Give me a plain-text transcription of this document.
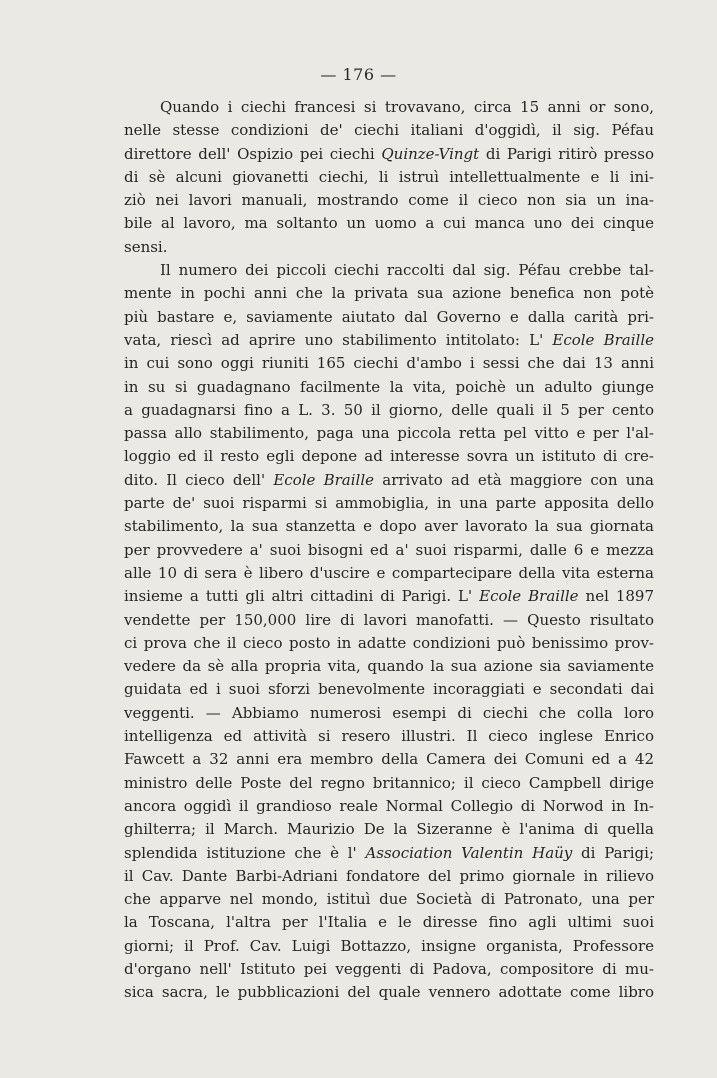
— 176 —
Quando i ciechi francesi si trovavano, circa 15 anni or sono,
nelle stesse condizioni de' ciechi italiani d'oggidì, il sig. Péfau
direttore dell' Ospizio pei ciechi Quinze-Vingt di Parigi ritirò presso
di sè alcuni giovanetti ciechi, li istruì intellettualmente e li ini-
ziò nei lavori manuali, mostrando come il cieco non sia un ina-
bile al lavoro, ma soltanto un uomo a cui manca uno dei cinque
sensi.
Il numero dei piccoli ciechi raccolti dal sig. Péfau crebbe tal-
mente in pochi anni che la privata sua azione benefica non potè
più bastare e, saviamente aiutato dal Governo e dalla carità pri-
vata, riescì ad aprire uno stabilimento intitolato: L' Ecole Braille
in cui sono oggi riuniti 165 ciechi d'ambo i sessi che dai 13 anni
in su si guadagnano facilmente la vita, poichè un adulto giunge
a guadagnarsi fino a L. 3. 50 il giorno, delle quali il 5 per cento
passa allo stabilimento, paga una piccola retta pel vitto e per l'al-
loggio ed il resto egli depone ad interesse sovra un istituto di cre-
dito. Il cieco dell' Ecole Braille arrivato ad età maggiore con una
parte de' suoi risparmi si ammobiglia, in una parte apposita dello
stabilimento, la sua stanzetta e dopo aver lavorato la sua giornata
per provvedere a' suoi bisogni ed a' suoi risparmi, dalle 6 e mezza
alle 10 di sera è libero d'uscire e compartecipare della vita esterna
insieme a tutti gli altri cittadini di Parigi. L' Ecole Braille nel 1897
vendette per 150,000 lire di lavori manofatti. — Questo risultato
ci prova che il cieco posto in adatte condizioni può benissimo prov-
vedere da sè alla propria vita, quando la sua azione sia saviamente
guidata ed i suoi sforzi benevolmente incoraggiati e secondati dai
veggenti. — Abbiamo numerosi esempi di ciechi che colla loro
intelligenza ed attività si resero illustri. Il cieco inglese Enrico
Fawcett a 32 anni era membro della Camera dei Comuni ed a 42
ministro delle Poste del regno britannico; il cieco Campbell dirige
ancora oggidì il grandioso reale Normal Collegio di Norwod in In-
ghilterra; il March. Maurizio De la Sizeranne è l'anima di quella
splendida istituzione che è l' Association Valentin Haüy di Parigi;
il Cav. Dante Barbi-Adriani fondatore del primo giornale in rilievo
che apparve nel mondo, istituì due Società di Patronato, una per
la Toscana, l'altra per l'Italia e le diresse fino agli ultimi suoi
giorni; il Prof. Cav. Luigi Bottazzo, insigne organista, Professore
d'organo nell' Istituto pei veggenti di Padova, compositore di mu-
sica sacra, le pubblicazioni del quale vennero adottate come libro
